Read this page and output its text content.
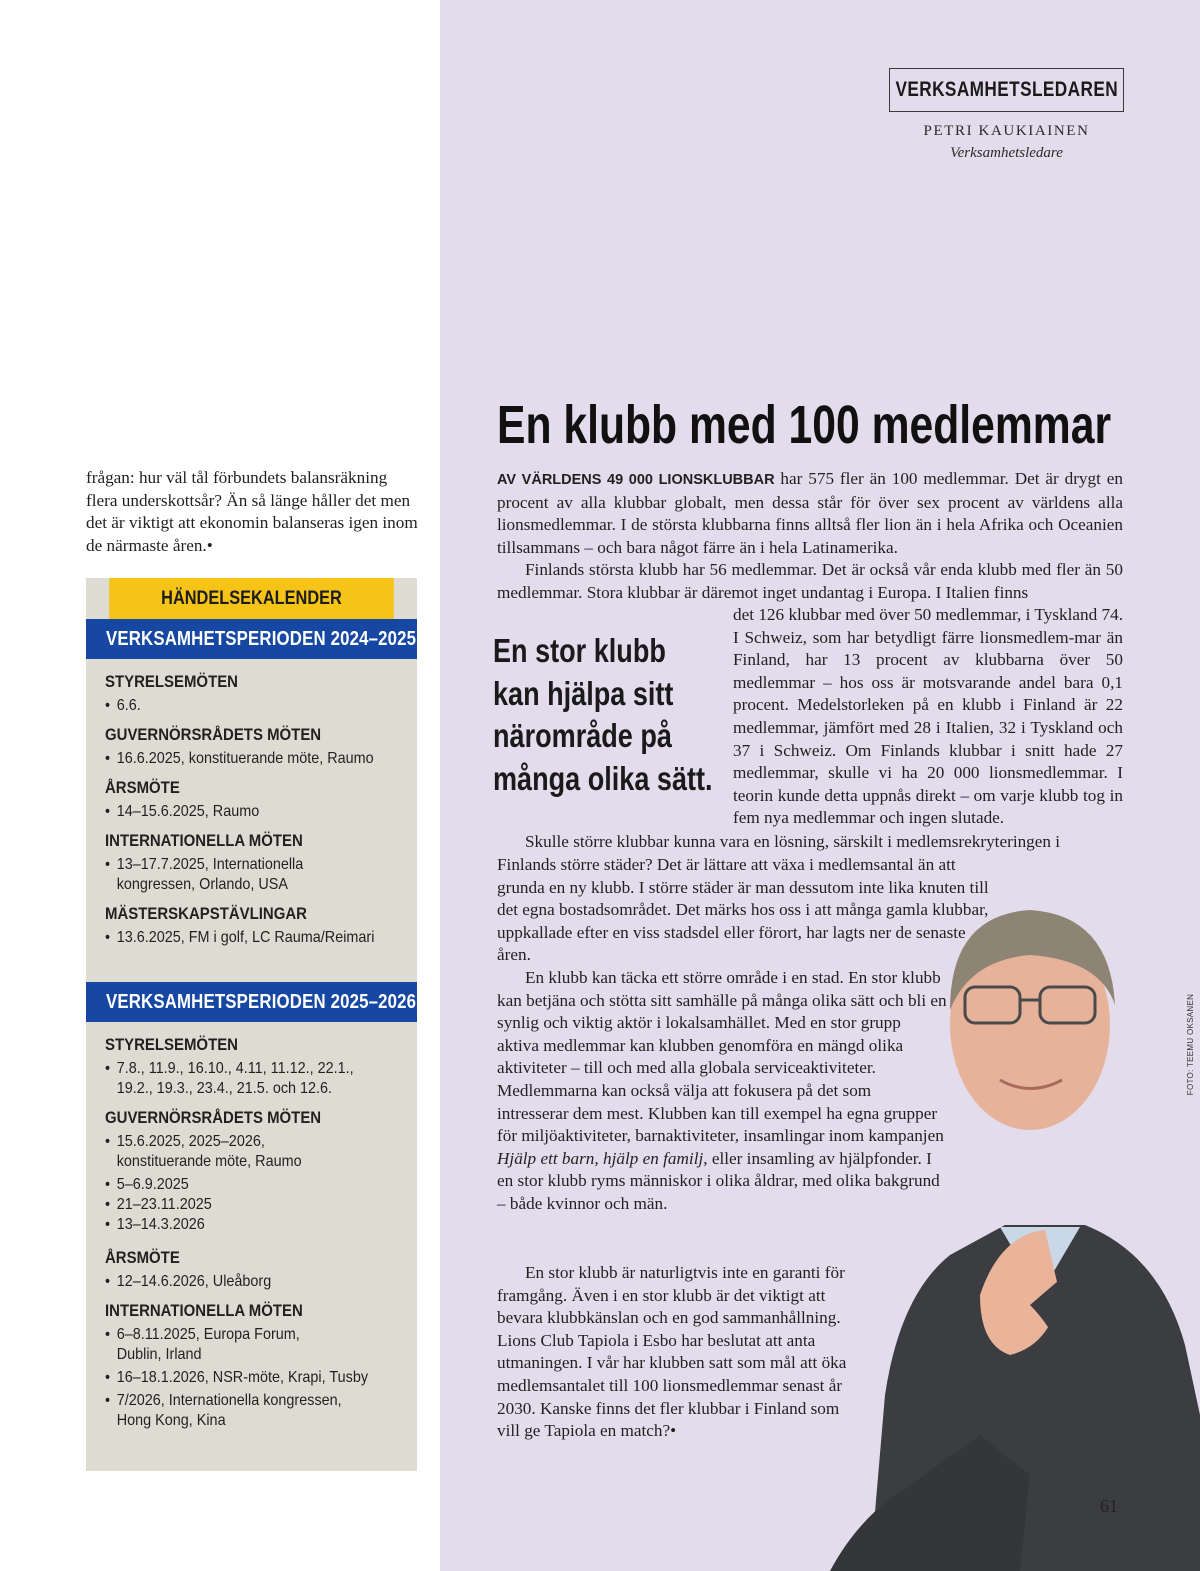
frågan: hur väl tål förbundets balansräkning flera underskottsår? Än så länge håller det men det är viktigt att ekonomin balanseras igen inom de närmaste åren.•

HÄNDELSEKALENDER
VERKSAMHETSPERIODEN 2024–2025
STYRELSEMÖTEN
• 6.6.
GUVERNÖRSRÅDETS MÖTEN
• 16.6.2025, konstituerande möte, Raumo
ÅRSMÖTE
• 14–15.6.2025, Raumo
INTERNATIONELLA MÖTEN
• 13–17.7.2025, Internationella kongressen, Orlando, USA
MÄSTERSKAPSTÄVLINGAR
• 13.6.2025, FM i golf, LC Rauma/Reimari
VERKSAMHETSPERIODEN 2025–2026
STYRELSEMÖTEN
• 7.8., 11.9., 16.10., 4.11, 11.12., 22.1., 19.2., 19.3., 23.4., 21.5. och 12.6.
GUVERNÖRSRÅDETS MÖTEN
• 15.6.2025, 2025–2026, konstituerande möte, Raumo
• 5–6.9.2025
• 21–23.11.2025
• 13–14.3.2026
ÅRSMÖTE
• 12–14.6.2026, Uleåborg
INTERNATIONELLA MÖTEN
• 6–8.11.2025, Europa Forum, Dublin, Irland
• 16–18.1.2026, NSR-möte, Krapi, Tusby
• 7/2026, Internationella kongressen, Hong Kong, Kina
VERKSAMHETSLEDAREN
PETRI KAUKIAINEN
Verksamhetsledare
En klubb med 100 medlemmar

AV VÄRLDENS 49 000 LIONSKLUBBAR har 575 fler än 100 medlemmar. Det är drygt en procent av alla klubbar globalt, men dessa står för över sex procent av världens alla lionsmedlemmar. I de största klubbarna finns alltså fler lion än i hela Afrika och Oceanien tillsammans – och bara något färre än i hela Latinamerika.

Finlands största klubb har 56 medlemmar. Det är också vår enda klubb med fler än 50 medlemmar. Stora klubbar är däremot inget undantag i Europa. I Italien finns

det 126 klubbar med över 50 medlemmar, i Tyskland 74. I Schweiz, som har betydligt färre lionsmedlem-mar än Finland, har 13 procent av klubbarna över 50 medlemmar – hos oss är motsvarande andel bara 0,1 procent. Medelstorleken på en klubb i Finland är 22 medlemmar, jämfört med 28 i Italien, 32 i Tyskland och 37 i Schweiz. Om Finlands klubbar i snitt hade 27 medlemmar, skulle vi ha 20 000 lionsmedlemmar. I teorin kunde detta uppnås direkt – om varje klubb tog in fem nya medlemmar och ingen slutade.

En stor klubb
kan hjälpa sitt
närområde på
många olika sätt.

Skulle större klubbar kunna vara en lösning, särskilt i medlemsrekryteringen i

Finlands större städer? Det är lättare att växa i medlemsantal än att grunda en ny klubb. I större städer är man dessutom inte lika knuten till det egna bostadsområdet. Det märks hos oss i att många gamla klubbar, uppkallade efter en viss stadsdel eller förort, har lagts ner de senaste åren.

En klubb kan täcka ett större område i en stad. En stor klubb kan betjäna och stötta sitt samhälle på många olika sätt och bli en synlig och viktig aktör i lokalsamhället. Med en stor grupp aktiva medlemmar kan klubben genomföra en mängd olika aktiviteter – till och med alla globala serviceaktiviteter. Medlemmarna kan också välja att fokusera på det som intresserar dem mest. Klubben kan till exempel ha egna grupper för miljöaktiviteter, barnaktiviteter, insamlingar inom kampanjen Hjälp ett barn, hjälp en familj, eller insamling av hjälpfonder. I en stor klubb ryms människor i olika åldrar, med olika bakgrund – både kvinnor och män.

En stor klubb är naturligtvis inte en garanti för framgång. Även i en stor klubb är det viktigt att bevara klubbkänslan och en god sammanhållning. Lions Club Tapiola i Esbo har beslutat att anta utmaningen. I vår har klubben satt som mål att öka medlemsantalet till 100 lionsmedlemmar senast år 2030. Kanske finns det fler klubbar i Finland som vill ge Tapiola en match?•

FOTO: TEEMU OKSANEN
61
